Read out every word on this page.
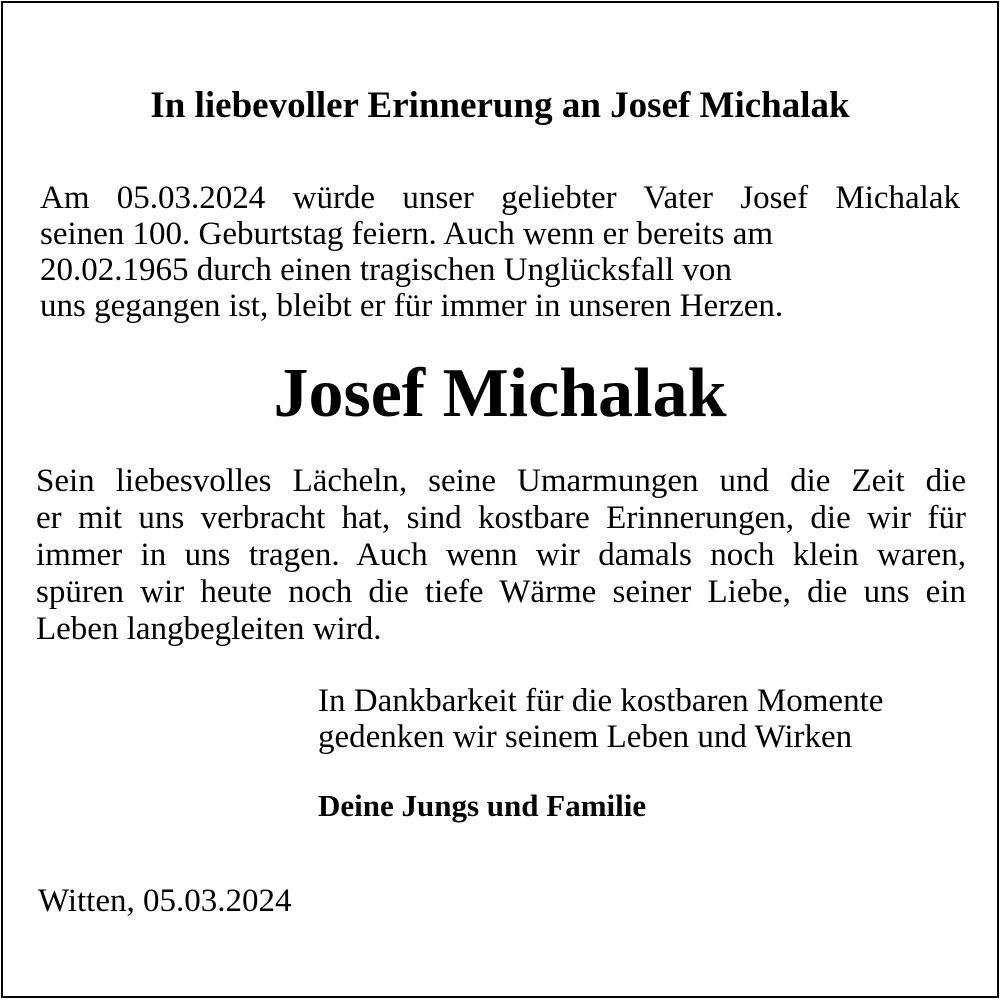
In liebevoller Erinnerung an Josef Michalak

Am 05.03.2024 würde unser geliebter Vater Josef Michalak

seinen 100. Geburtstag feiern. Auch wenn er bereits am

20.02.1965 durch einen tragischen Unglücksfall von

uns gegangen ist, bleibt er für immer in unseren Herzen.

Josef Michalak

Sein liebesvolles Lächeln, seine Umarmungen und die Zeit die

er mit uns verbracht hat, sind kostbare Erinnerungen, die wir für

immer in uns tragen. Auch wenn wir damals noch klein waren,

spüren wir heute noch die tiefe Wärme seiner Liebe, die uns ein

Leben langbegleiten wird.

In Dankbarkeit für die kostbaren Momente

gedenken wir seinem Leben und Wirken

Deine Jungs und Familie

Witten, 05.03.2024
